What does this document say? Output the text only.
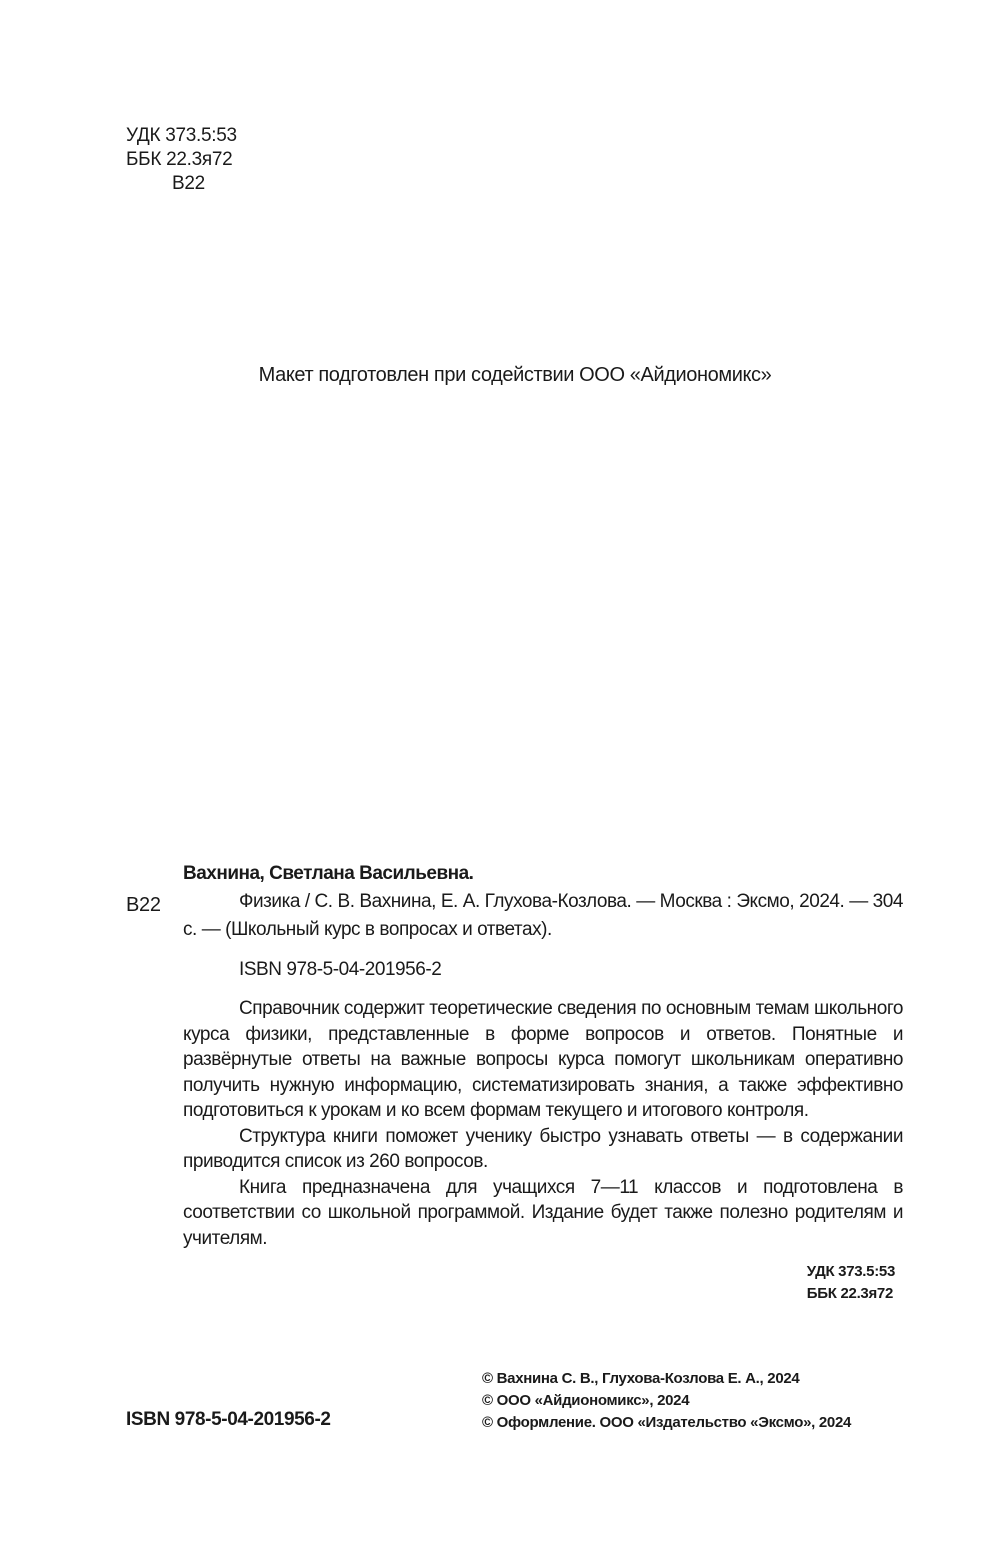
УДК 373.5:53
ББК 22.3я72
В22
Макет подготовлен при содействии ООО «Айдиономикс»
В22
Вахнина, Светлана Васильевна.
Физика / С. В. Вахнина, Е. А. Глухова-Козлова. — Москва : Эксмо, 2024. — 304 с. — (Школьный курс в вопросах и ответах).
ISBN 978-5-04-201956-2

Справочник содержит теоретические сведения по основным темам школьного курса физики, представленные в форме вопросов и ответов. Понятные и развёрнутые ответы на важные вопросы курса помогут школьникам оперативно получить нужную информацию, систематизировать знания, а также эффективно подготовиться к урокам и ко всем формам текущего и итогового контроля.

Структура книги поможет ученику быстро узнавать ответы — в содержании приводится список из 260 вопросов.

Книга предназначена для учащихся 7—11 классов и подготовлена в соответствии со школьной программой. Издание будет также полезно родителям и учителям.

УДК 373.5:53
ББК 22.3я72
ISBN 978-5-04-201956-2
© Вахнина С. В., Глухова-Козлова Е. А., 2024
© ООО «Айдиономикс», 2024
© Оформление. ООО «Издательство «Эксмо», 2024
